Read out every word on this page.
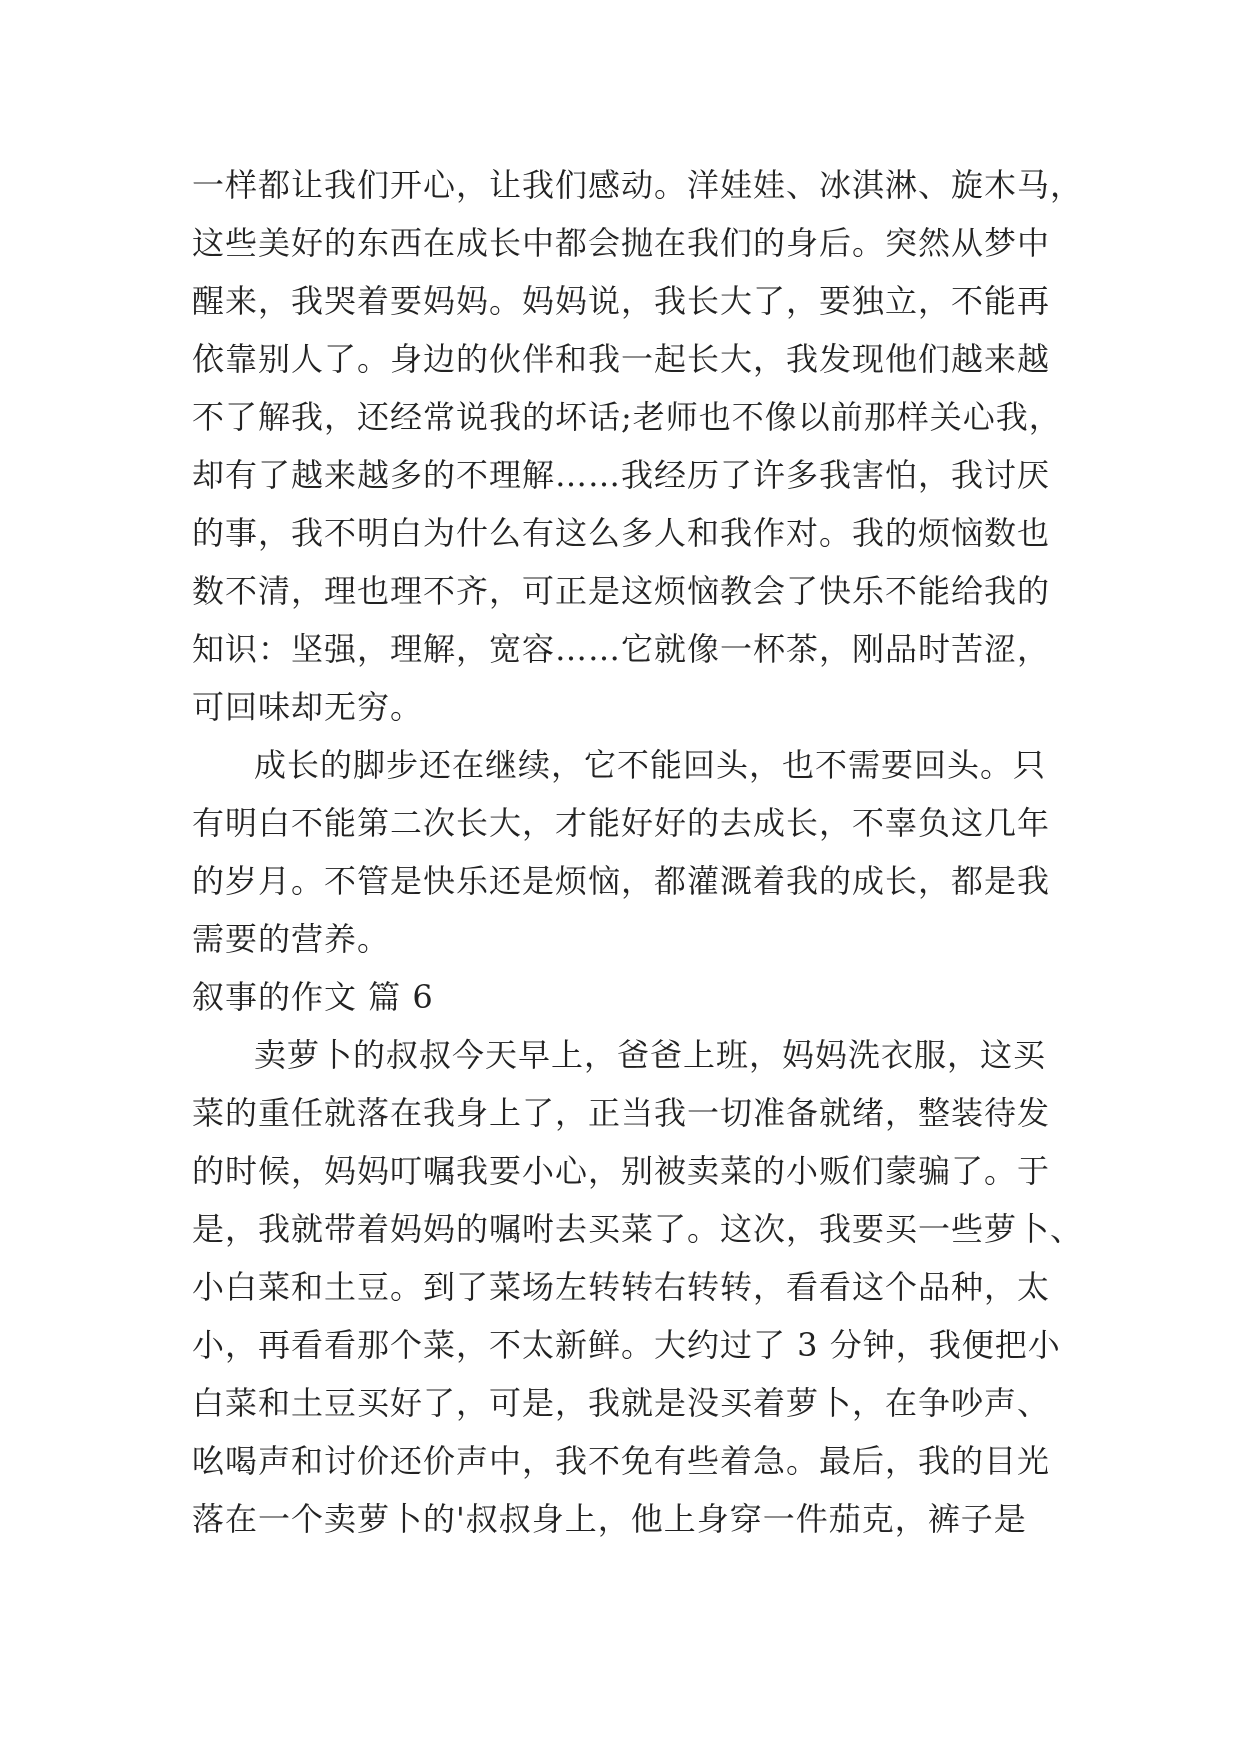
一样都让我们开心，让我们感动。洋娃娃、冰淇淋、旋木马，
这些美好的东西在成长中都会抛在我们的身后。突然从梦中
醒来，我哭着要妈妈。妈妈说，我长大了，要独立，不能再
依靠别人了。身边的伙伴和我一起长大，我发现他们越来越
不了解我，还经常说我的坏话;老师也不像以前那样关心我，
却有了越来越多的不理解……我经历了许多我害怕，我讨厌
的事，我不明白为什么有这么多人和我作对。我的烦恼数也
数不清，理也理不齐，可正是这烦恼教会了快乐不能给我的
知识：坚强，理解，宽容……它就像一杯茶，刚品时苦涩，
可回味却无穷。
成长的脚步还在继续，它不能回头，也不需要回头。只
有明白不能第二次长大，才能好好的去成长，不辜负这几年
的岁月。不管是快乐还是烦恼，都灌溉着我的成长，都是我
需要的营养。
叙事的作文 篇 6
卖萝卜的叔叔今天早上，爸爸上班，妈妈洗衣服，这买
菜的重任就落在我身上了，正当我一切准备就绪，整装待发
的时候，妈妈叮嘱我要小心，别被卖菜的小贩们蒙骗了。于
是，我就带着妈妈的嘱咐去买菜了。这次，我要买一些萝卜、
小白菜和土豆。到了菜场左转转右转转，看看这个品种，太
小，再看看那个菜，不太新鲜。大约过了 3 分钟，我便把小
白菜和土豆买好了，可是，我就是没买着萝卜，在争吵声、
吆喝声和讨价还价声中，我不免有些着急。最后，我的目光
落在一个卖萝卜的'叔叔身上，他上身穿一件茄克，裤子是
